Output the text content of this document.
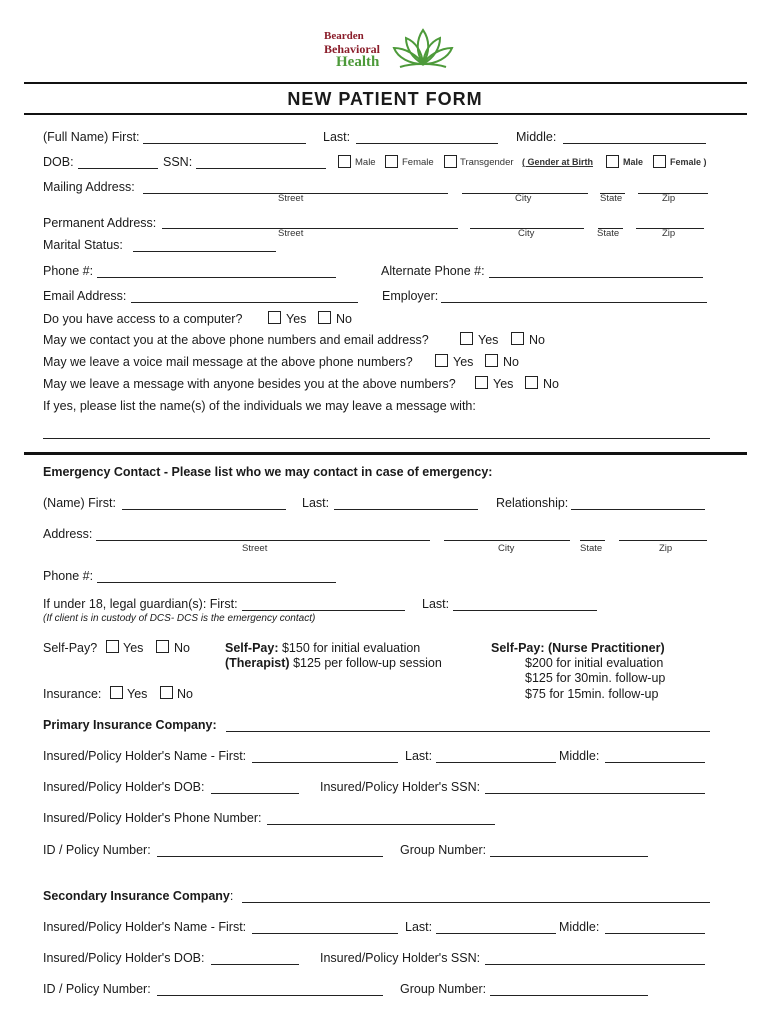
Bearden
Behavioral
Health
NEW PATIENT FORM
(Full Name) First:	Last:	Middle:
DOB:	SSN:	Male	Female	Transgender ( Gender at Birth	Male	Female )
Mailing Address:
Street	City	State	Zip
Permanent Address:
Street	City	State	Zip
Marital Status:
Phone #:	Alternate Phone #:
Email Address:	Employer:
Do you have access to a computer?	Yes No
May we contact you at the above phone numbers and email address?	Yes No
May we leave a voice mail message at the above phone numbers?	Yes No
May we leave a message with anyone besides you at the above numbers?	Yes No
If yes, please list the name(s) of the individuals we may leave a message with:
Emergency Contact - Please list who we may contact in case of emergency:
(Name) First:	Last:	Relationship:
Address:
Street	City	State	Zip
Phone #:
If under 18, legal guardian(s): First:	Last:
(If client is in custody of DCS- DCS is the emergency contact)
Self-Pay? Yes No	Self-Pay: $150 for initial evaluation
(Therapist) $125 per follow-up session
Self-Pay: (Nurse Practitioner)
$200 for initial evaluation
$125 for 30min. follow-up
$75 for 15min. follow-up
Insurance: Yes No
Primary Insurance Company:
Insured/Policy Holder's Name - First:	Last:	Middle:
Insured/Policy Holder's DOB:	Insured/Policy Holder's SSN:
Insured/Policy Holder's Phone Number:
ID / Policy Number:	Group Number:
Secondary Insurance Company:
Insured/Policy Holder's Name - First:	Last:	Middle:
Insured/Policy Holder's DOB:	Insured/Policy Holder's SSN:
ID / Policy Number:	Group Number:
